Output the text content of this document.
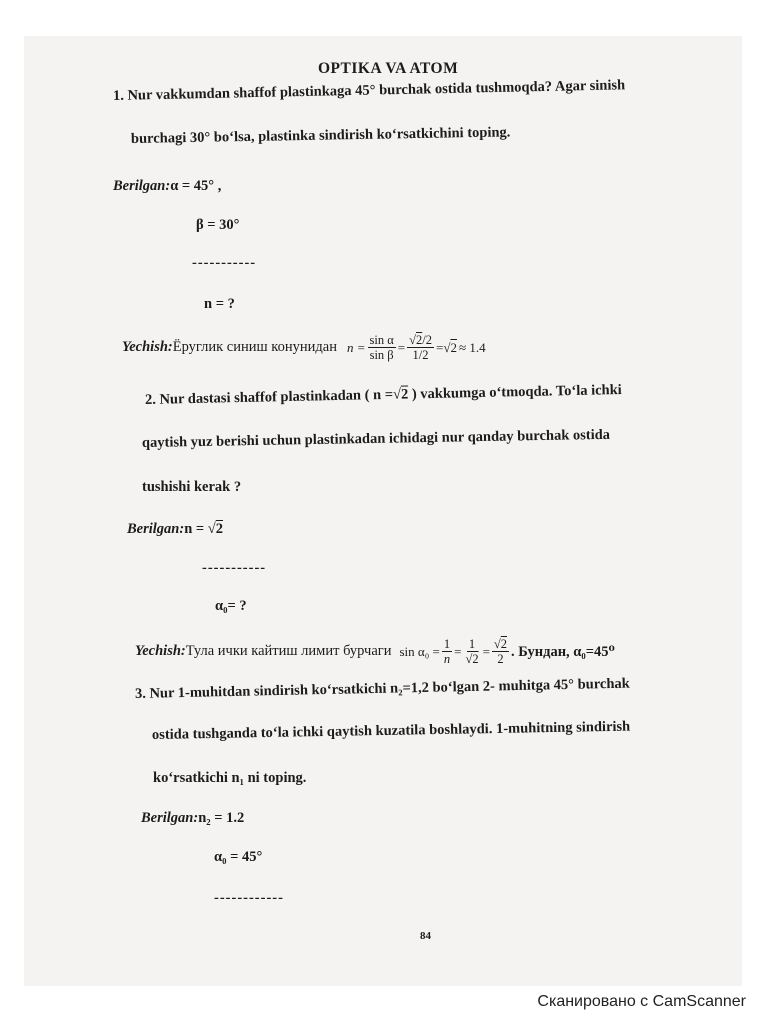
OPTIKA VA ATOM
1. Nur vakkumdan shaffof plastinkaga 45° burchak ostida tushmoqda? Agar sinish
burchagi 30° bo‘lsa, plastinka sindirish ko‘rsatkichini toping.
Berilgan:α = 45° ,
β = 30°
-----------
n = ?
Yechish: Ёруглик синиш конунидан $n = \frac{\text{sin α}}{\text{sin β}} = \frac{√2/2}{1/2} = √2 \approx 1.4$
2. Nur dastasi shaffof plastinkadan ( n =√2 ) vakkumga o‘tmoqda. To‘la ichki
qaytish yuz berishi uchun plastinkadan ichidagi nur qanday burchak ostida
tushishi kerak ?
Berilgan:n = √2
-----------
α₀= ?
Yechish: Тула ички кайтиш лимит бурчаги $\sin \alpha_0 = \frac{1}{n} = \frac{1}{√2} = \frac{√2}{2}$ . Бундан, α₀=45⁰
3. Nur 1-muhitdan sindirish ko‘rsatkichi n₂=1,2 bo‘lgan 2- muhitga 45° burchak
ostida tushganda to‘la ichki qaytish kuzatila boshlaydi. 1-muhitning sindirish
ko‘rsatkichi n₁ ni toping.
Berilgan:n₂ = 1.2
α₀ = 45°
------------
84
Сканировано с CamScanner
